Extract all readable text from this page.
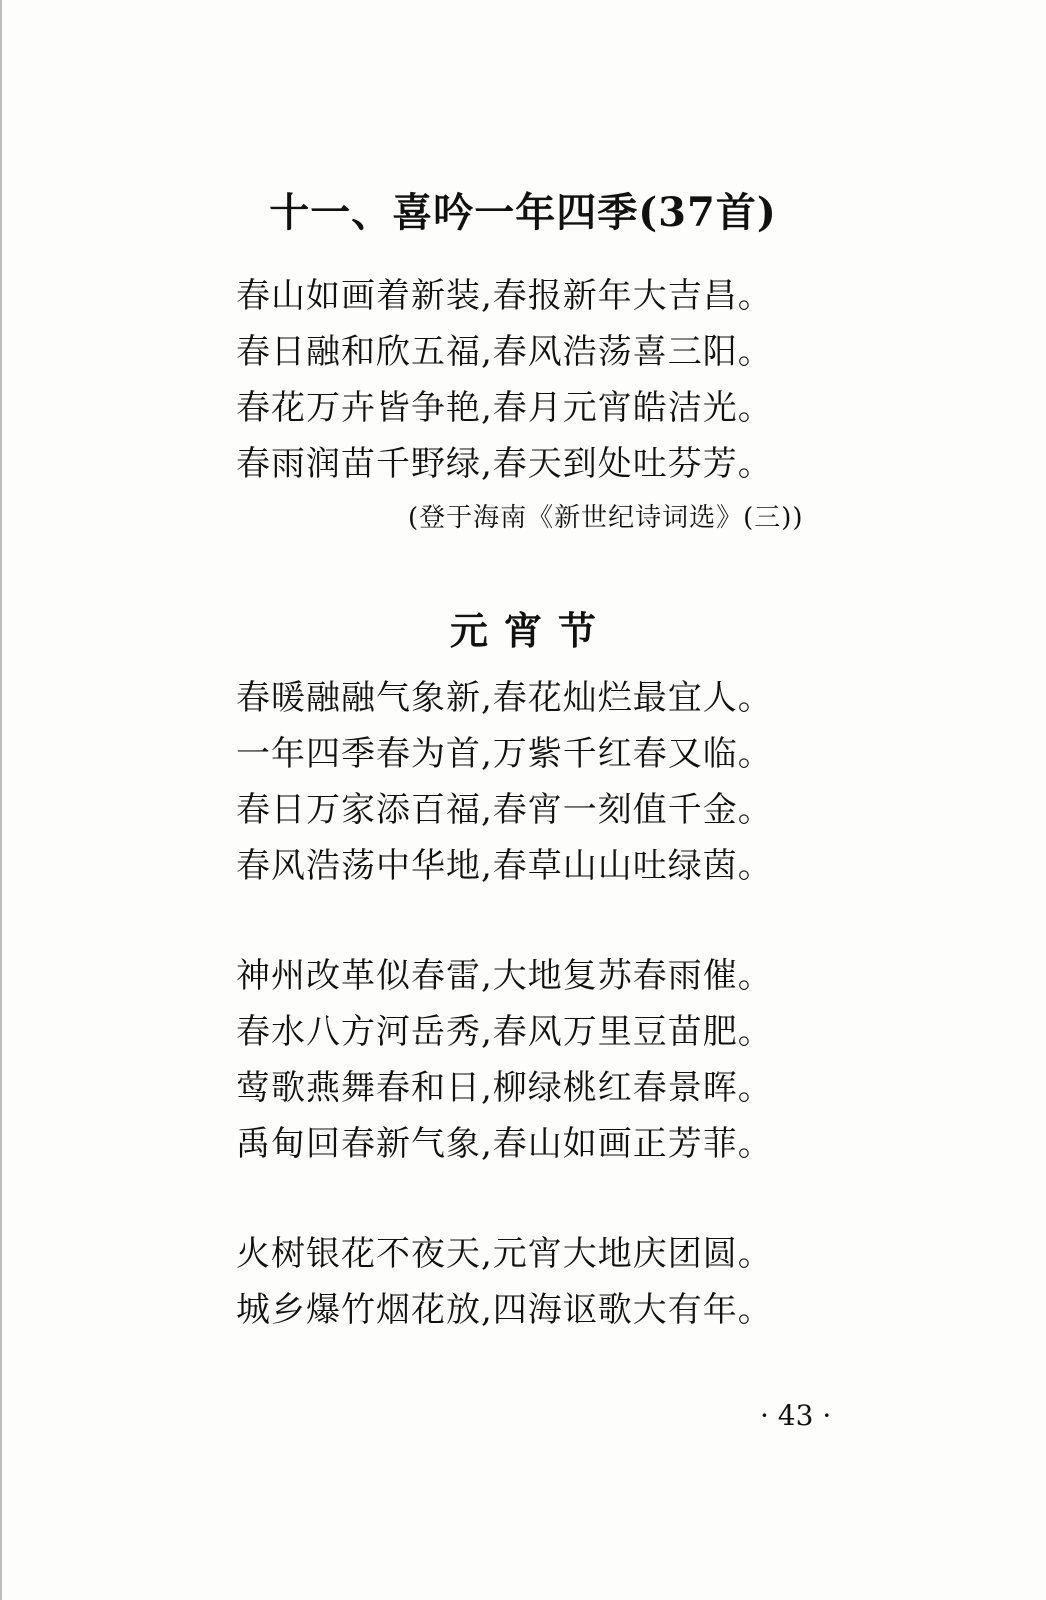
十一、喜吟一年四季(37首)
春山如画着新装,春报新年大吉昌。
春日融和欣五福,春风浩荡喜三阳。
春花万卉皆争艳,春月元宵皓洁光。
春雨润苗千野绿,春天到处吐芬芳。

(登于海南《新世纪诗词选》(三))

元宵节
春暖融融气象新,春花灿烂最宜人。
一年四季春为首,万紫千红春又临。
春日万家添百福,春宵一刻值千金。
春风浩荡中华地,春草山山吐绿茵。
神州改革似春雷,大地复苏春雨催。
春水八方河岳秀,春风万里豆苗肥。
莺歌燕舞春和日,柳绿桃红春景晖。
禹甸回春新气象,春山如画正芳菲。
火树银花不夜天,元宵大地庆团圆。
城乡爆竹烟花放,四海讴歌大有年。

· 43 ·
